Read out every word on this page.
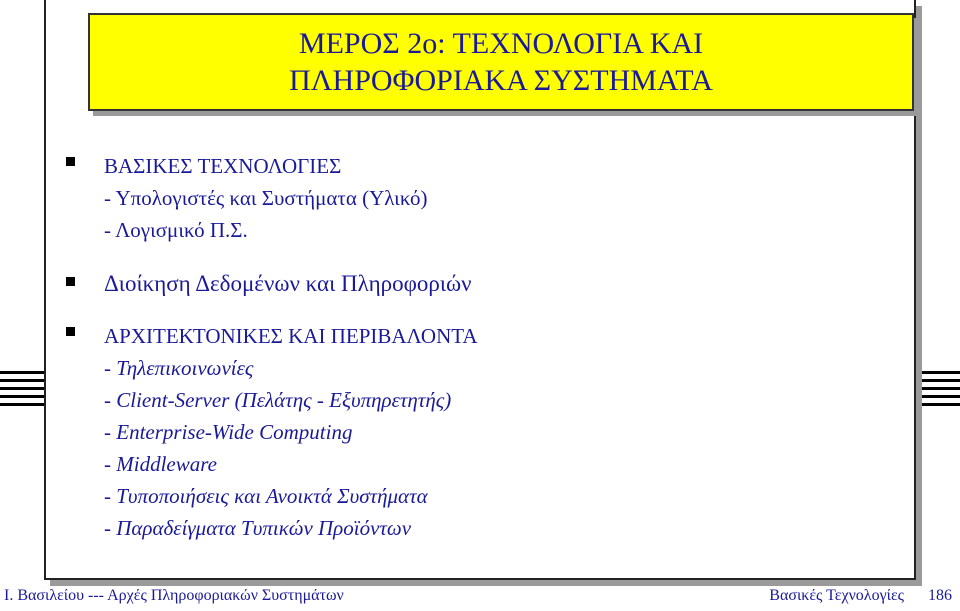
ΜΕΡΟΣ 2ο: ΤΕΧΝΟΛΟΓΙΑ ΚΑΙ
ΠΛΗΡΟΦΟΡΙΑΚΑ ΣΥΣΤΗΜΑΤΑ
ΒΑΣΙΚΕΣ ΤΕΧΝΟΛΟΓΙΕΣ
- Υπολογιστές και Συστήματα (Υλικό)
- Λογισμικό Π.Σ.
Διοίκηση Δεδομένων και Πληροφοριών
ΑΡΧΙΤΕΚΤΟΝΙΚΕΣ ΚΑΙ ΠΕΡΙΒΑΛΟΝΤΑ
- Τηλεπικοινωνίες
- Client-Server (Πελάτης - Εξυπηρετητής)
- Enterprise-Wide Computing
- Middleware
- Τυποποιήσεις και Ανοικτά Συστήματα
- Παραδείγματα Τυπικών Προϊόντων
Ι. Βασιλείου --- Αρχές Πληροφοριακών Συστημάτων	Βασικές Τεχνολογίες 186
